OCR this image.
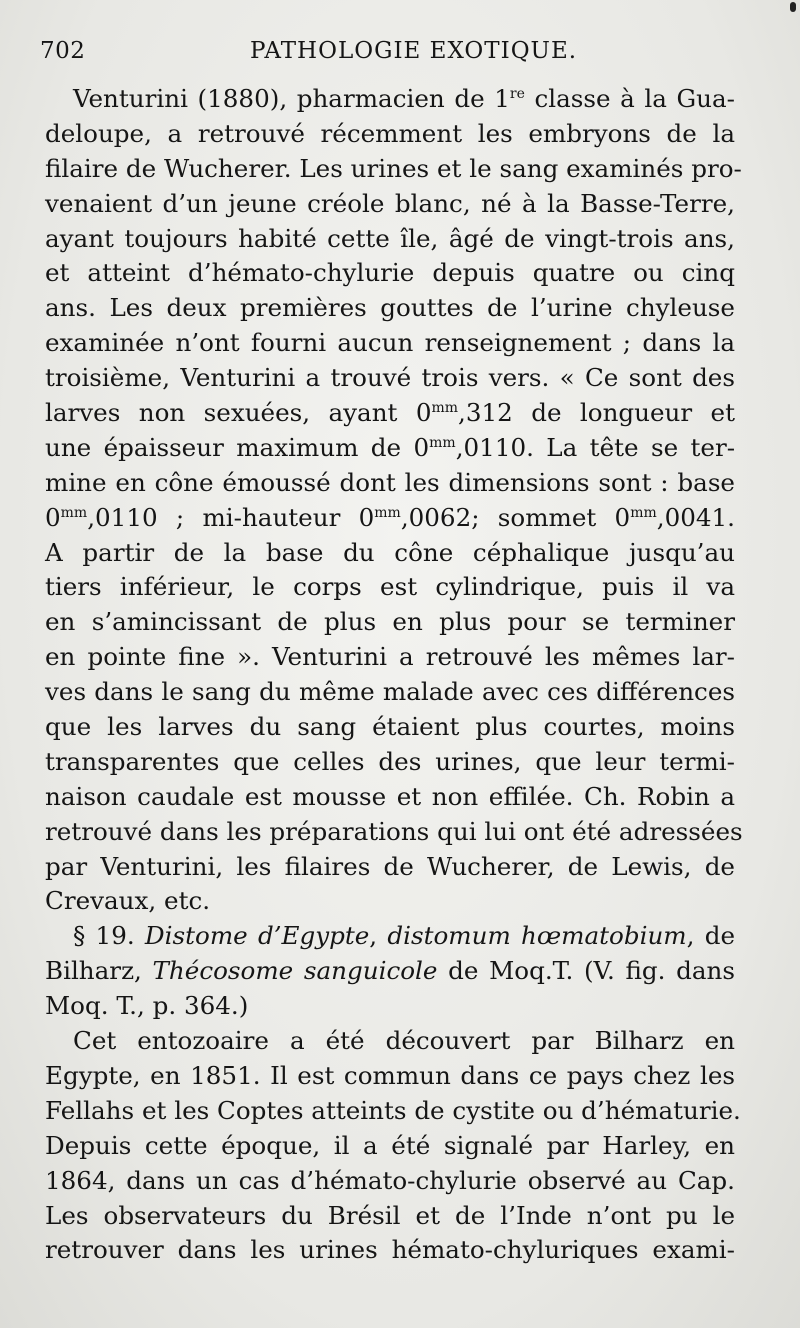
702	PATHOLOGIE EXOTIQUE.
Venturini (1880), pharmacien de 1re classe à la Gua-
deloupe, a retrouvé récemment les embryons de la
filaire de Wucherer. Les urines et le sang examinés pro-
venaient d’un jeune créole blanc, né à la Basse-Terre,
ayant toujours habité cette île, âgé de vingt-trois ans,
et atteint d’hémato-chylurie depuis quatre ou cinq
ans. Les deux premières gouttes de l’urine chyleuse
examinée n’ont fourni aucun renseignement ; dans la
troisième, Venturini a trouvé trois vers. « Ce sont des
larves non sexuées, ayant $0^{mm},312$ de longueur et
une épaisseur maximum de $0^{mm},0110$. La tête se ter-
mine en cône émoussé dont les dimensions sont : base
$0^{mm},0110$ ; mi-hauteur $0^{mm},0062$; sommet $0^{mm},0041$.
A partir de la base du cône céphalique jusqu’au
tiers inférieur, le corps est cylindrique, puis il va
en s’amincissant de plus en plus pour se terminer
en pointe fine ». Venturini a retrouvé les mêmes lar-
ves dans le sang du même malade avec ces différences
que les larves du sang étaient plus courtes, moins
transparentes que celles des urines, que leur termi-
naison caudale est mousse et non effilée. Ch. Robin a
retrouvé dans les préparations qui lui ont été adressées
par Venturini, les filaires de Wucherer, de Lewis, de
Crevaux, etc.
§ 19. Distome d’Egypte, distomum hœmatobium, de
Bilharz, Thécosome sanguicole de Moq.T. (V. fig. dans
Moq. T., p. 364.)
Cet entozoaire a été découvert par Bilharz en
Egypte, en 1851. Il est commun dans ce pays chez les
Fellahs et les Coptes atteints de cystite ou d’hématurie.
Depuis cette époque, il a été signalé par Harley, en
1864, dans un cas d’hémato-chylurie observé au Cap.
Les observateurs du Brésil et de l’Inde n’ont pu le
retrouver dans les urines hémato-chyluriques exami-
